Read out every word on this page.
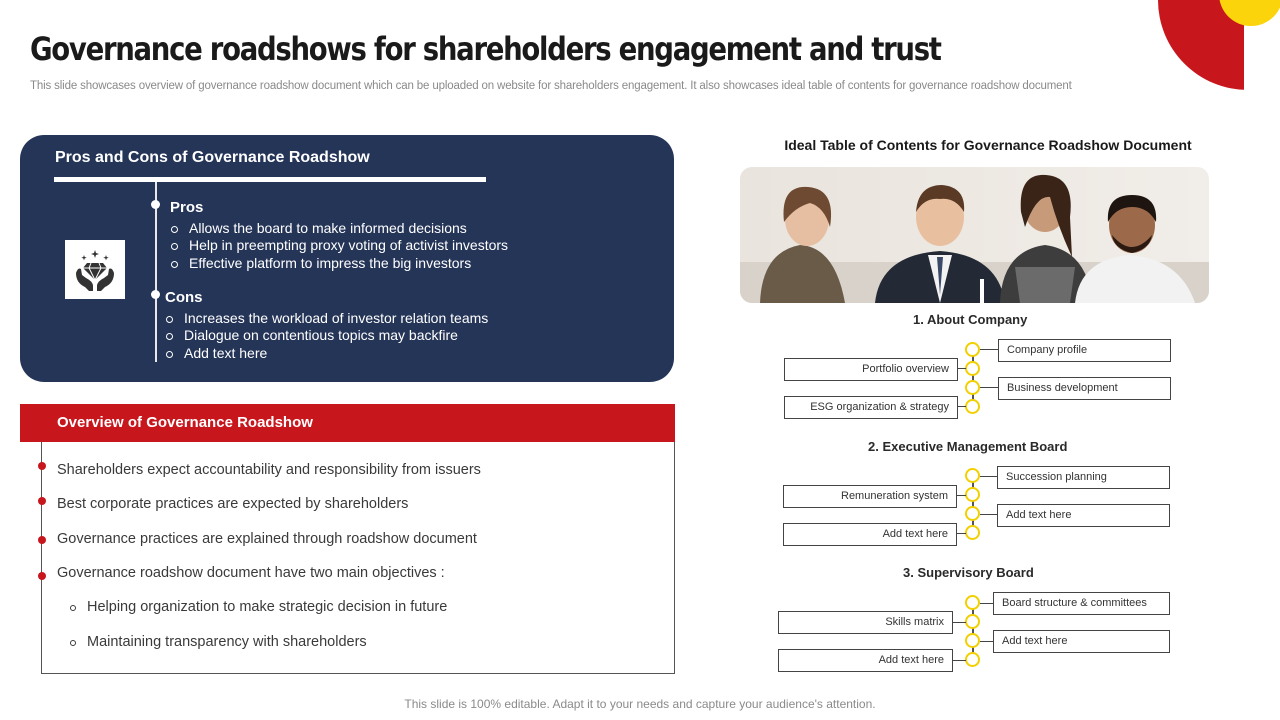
Governance roadshows for shareholders engagement and trust
This slide showcases overview of governance roadshow document which can be uploaded on website for shareholders engagement. It also showcases ideal table of contents for governance roadshow document
Pros and Cons of Governance Roadshow
Pros
Allows the board to make informed decisions
Help in preempting proxy voting of activist investors
Effective platform to impress the big investors
Cons
Increases the workload of investor relation teams
Dialogue on contentious topics may backfire
Add text here
Overview of Governance Roadshow
Shareholders expect accountability and responsibility from issuers
Best corporate practices are expected by shareholders
Governance practices are explained through roadshow document
Governance roadshow document have two main objectives :
Helping organization to make strategic decision in future
Maintaining transparency with shareholders
Ideal Table of Contents for Governance Roadshow Document
1. About Company
Company profile
Portfolio overview
Business development
ESG organization & strategy
2. Executive Management Board
Succession planning
Remuneration system
Add text here
Add text here
3. Supervisory Board
Board structure & committees
Skills matrix
Add text here
Add text here
This slide is 100% editable. Adapt it to your needs and capture your audience's attention.
